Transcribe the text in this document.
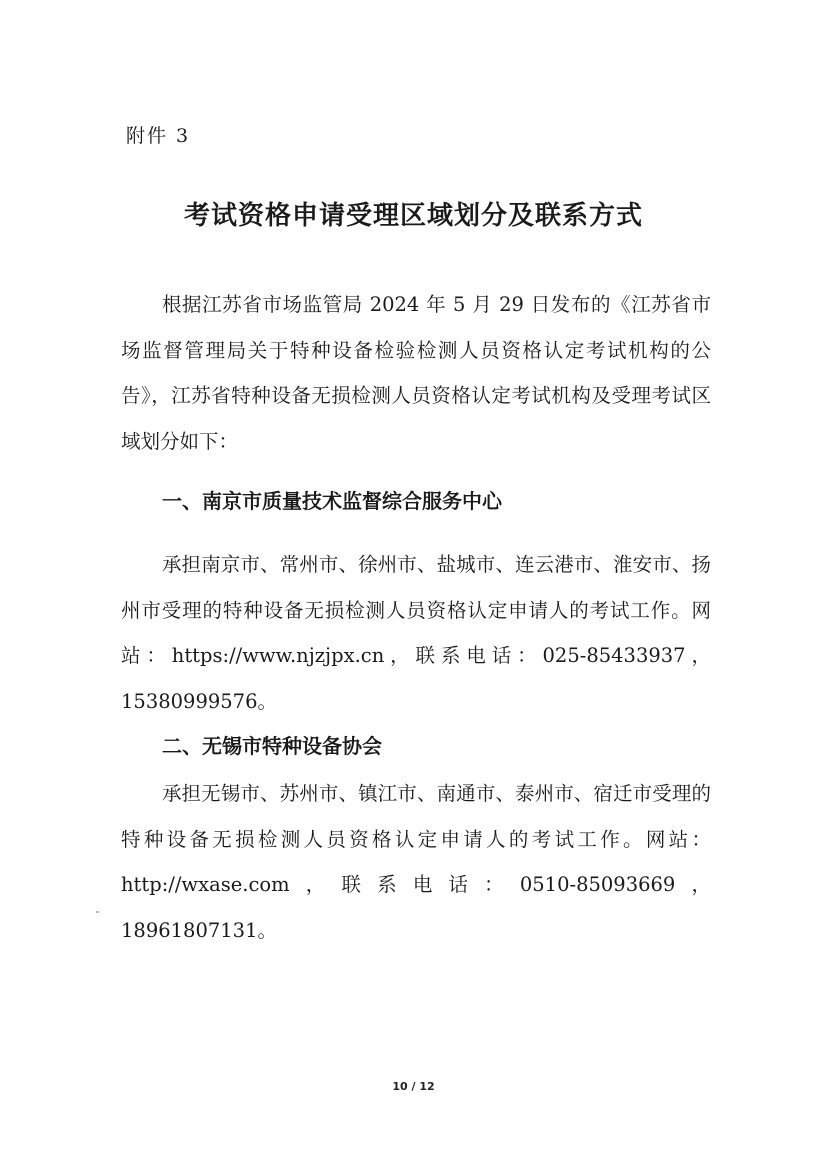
附件 3
考试资格申请受理区域划分及联系方式
根据江苏省市场监管局 2024 年 5 月 29 日发布的《江苏省市场监督管理局关于特种设备检验检测人员资格认定考试机构的公告》，江苏省特种设备无损检测人员资格认定考试机构及受理考试区域划分如下：
一、南京市质量技术监督综合服务中心
承担南京市、常州市、徐州市、盐城市、连云港市、淮安市、扬州市受理的特种设备无损检测人员资格认定申请人的考试工作。网站：https://www.njzjpx.cn，联系电话：025-85433937，15380999576。
二、无锡市特种设备协会
承担无锡市、苏州市、镇江市、南通市、泰州市、宿迁市受理的特种设备无损检测人员资格认定申请人的考试工作。网站：http://wxase.com，联系电话：0510-85093669，18961807131。
10 / 12
